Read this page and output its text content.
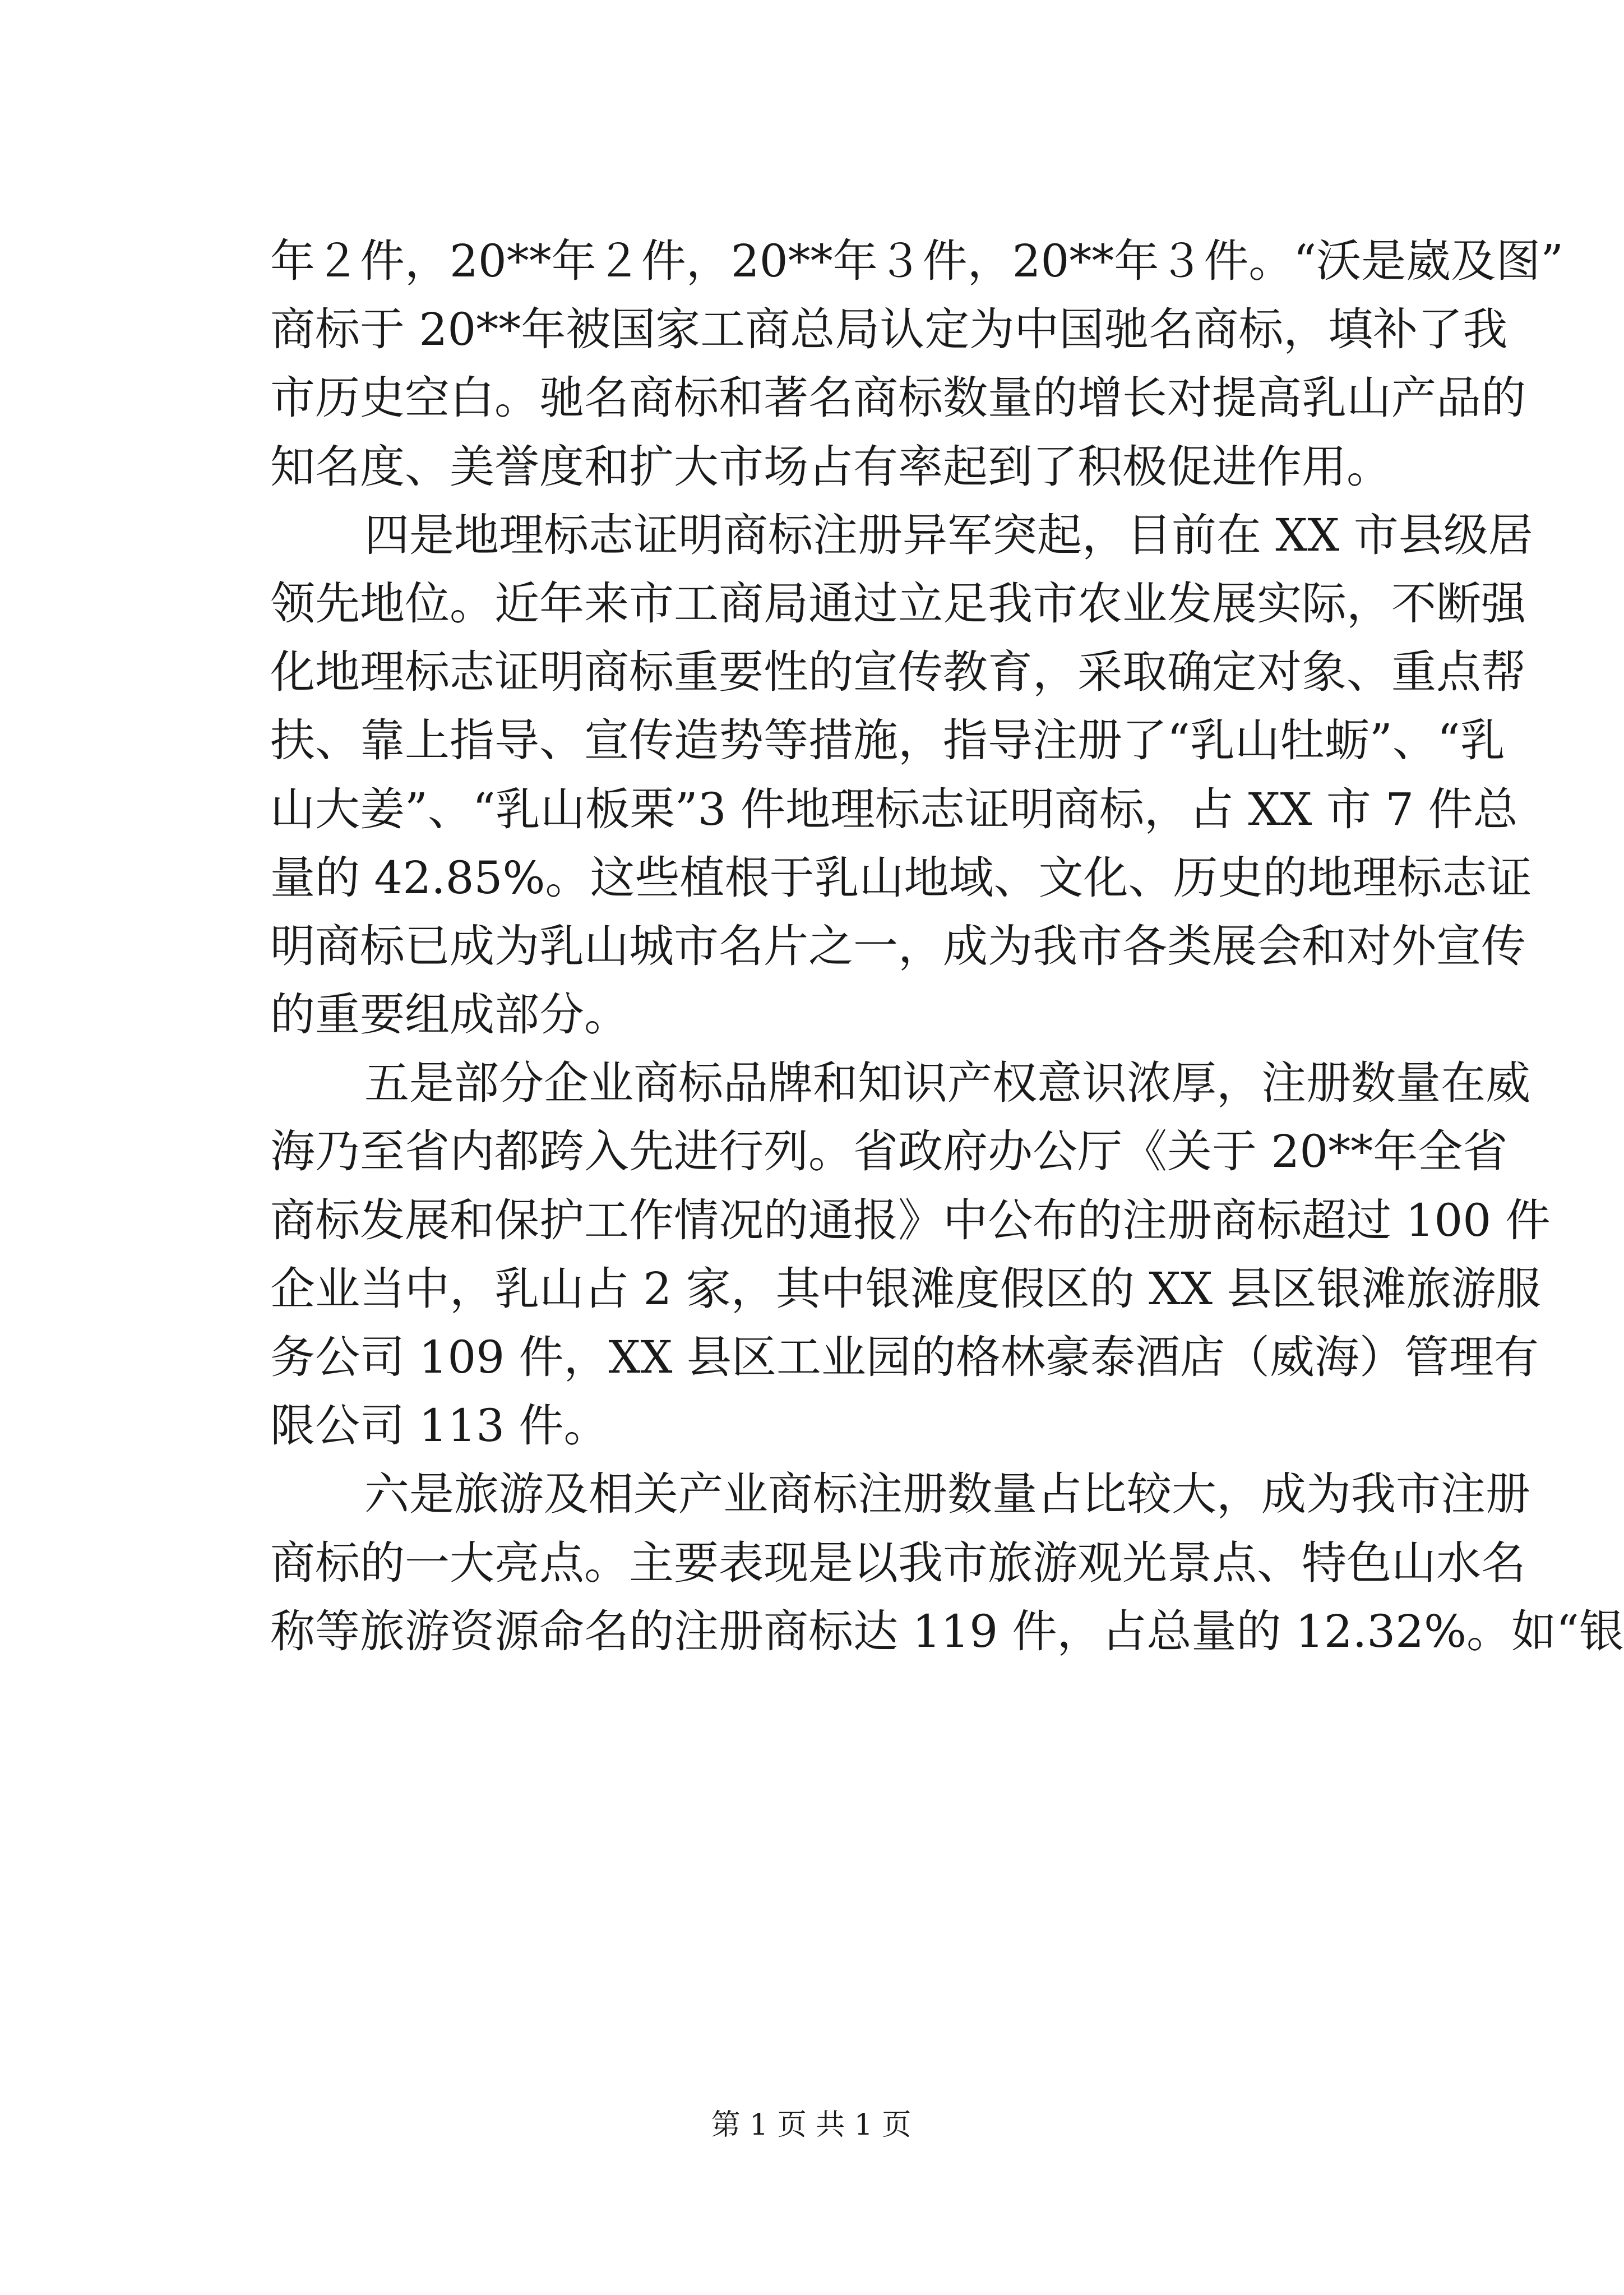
年２件，20**年２件，20**年３件，20**年３件。“沃是崴及图”
商标于 20**年被国家工商总局认定为中国驰名商标，填补了我
市历史空白。驰名商标和著名商标数量的增长对提高乳山产品的
知名度、美誉度和扩大市场占有率起到了积极促进作用。
四是地理标志证明商标注册异军突起，目前在 XX 市县级居
领先地位。近年来市工商局通过立足我市农业发展实际，不断强
化地理标志证明商标重要性的宣传教育，采取确定对象、重点帮
扶、靠上指导、宣传造势等措施，指导注册了“乳山牡蛎”、“乳
山大姜”、“乳山板栗”3 件地理标志证明商标，占 XX 市 7 件总
量的 42.85%。这些植根于乳山地域、文化、历史的地理标志证
明商标已成为乳山城市名片之一，成为我市各类展会和对外宣传
的重要组成部分。
五是部分企业商标品牌和知识产权意识浓厚，注册数量在威
海乃至省内都跨入先进行列。省政府办公厅《关于 20**年全省
商标发展和保护工作情况的通报》中公布的注册商标超过 100 件
企业当中，乳山占 2 家，其中银滩度假区的 XX 县区银滩旅游服
务公司 109 件，XX 县区工业园的格林豪泰酒店（威海）管理有
限公司 113 件。
六是旅游及相关产业商标注册数量占比较大，成为我市注册
商标的一大亮点。主要表现是以我市旅游观光景点、特色山水名
称等旅游资源命名的注册商标达 119 件，占总量的 12.32%。如“银
第 1 页 共 1 页
